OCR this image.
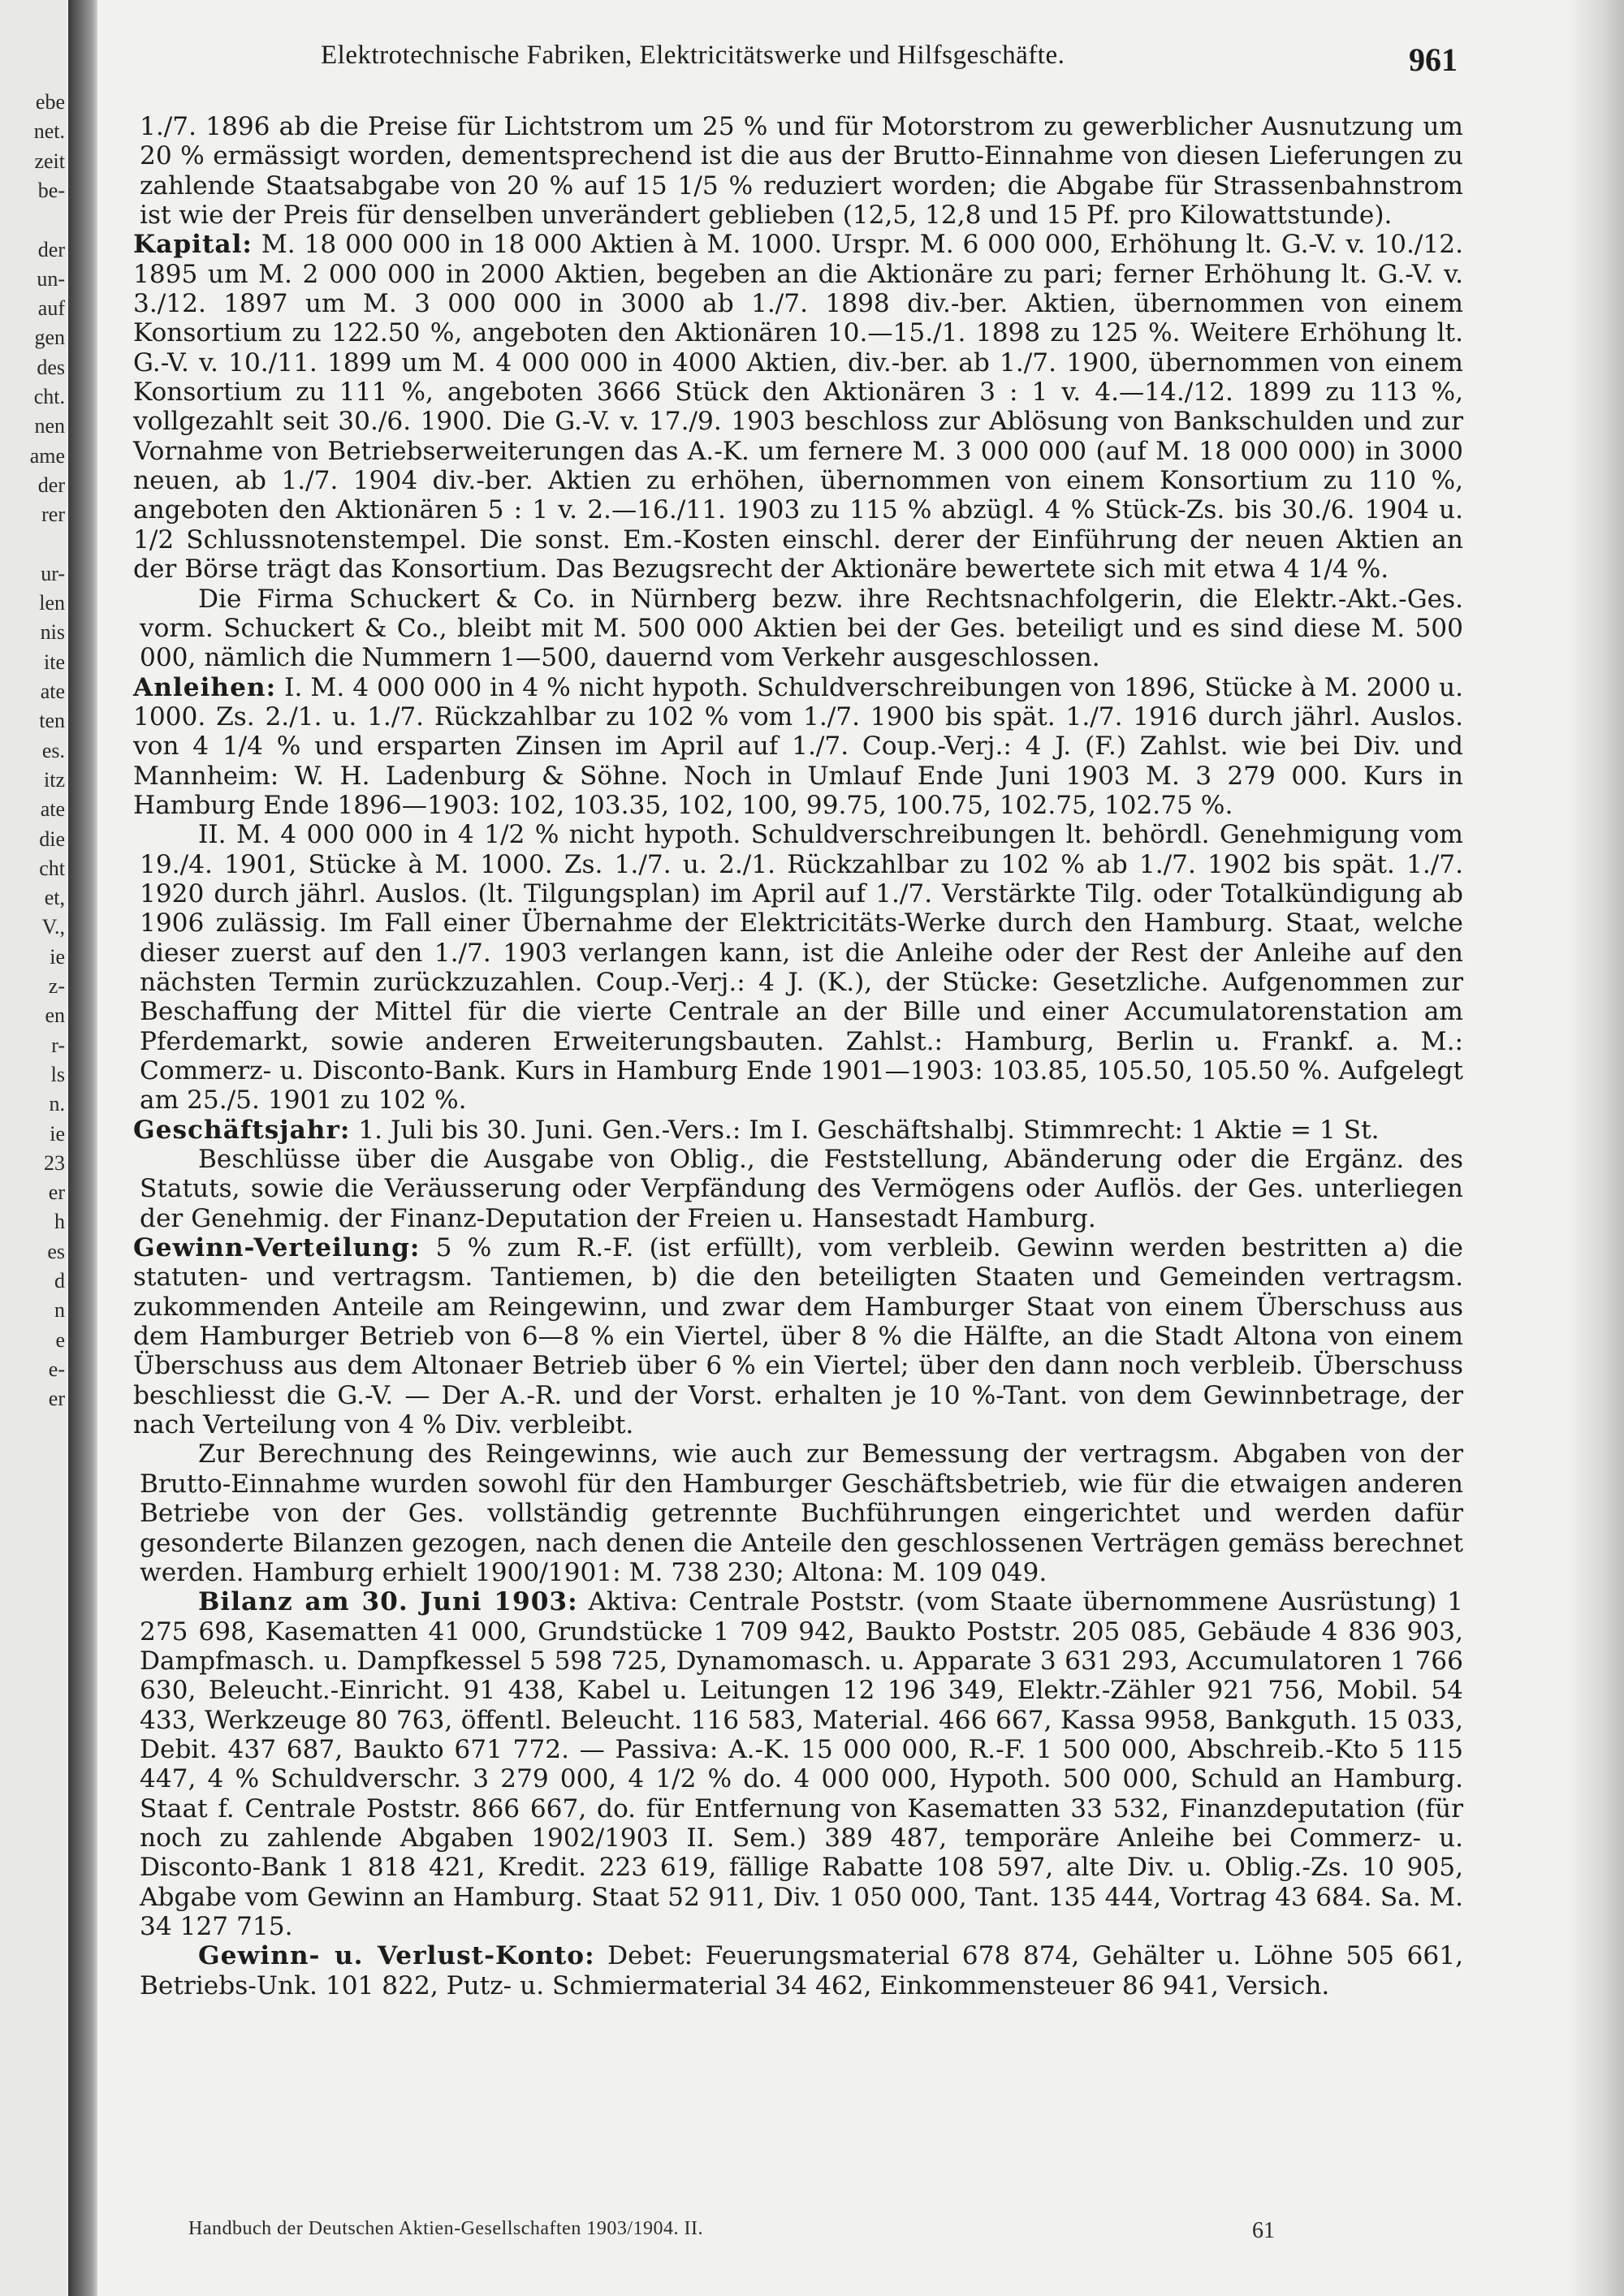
ebe
net.
zeit
be-
der
un-
auf
gen
des
cht.
nen
ame
der
rer
ur-
len
nis
ite
ate
ten
es.
itz
ate
die
cht
et,
V.,
ie
z-
en
r-
ls
n.
ie
23
er
h
es
d
n
e
e-
er
Elektrotechnische Fabriken, Elektricitätswerke und Hilfsgeschäfte.	961

1./7. 1896 ab die Preise für Lichtstrom um 25 % und für Motorstrom zu gewerblicher Ausnutzung um 20 % ermässigt worden, dementsprechend ist die aus der Brutto-Einnahme von diesen Lieferungen zu zahlende Staatsabgabe von 20 % auf 15 1/5 % reduziert worden; die Abgabe für Strassenbahnstrom ist wie der Preis für denselben unverändert geblieben (12,5, 12,8 und 15 Pf. pro Kilowattstunde).

Kapital: M. 18 000 000 in 18 000 Aktien à M. 1000. Urspr. M. 6 000 000, Erhöhung lt. G.-V. v. 10./12. 1895 um M. 2 000 000 in 2000 Aktien, begeben an die Aktionäre zu pari; ferner Erhöhung lt. G.-V. v. 3./12. 1897 um M. 3 000 000 in 3000 ab 1./7. 1898 div.-ber. Aktien, übernommen von einem Konsortium zu 122.50 %, angeboten den Aktionären 10.—15./1. 1898 zu 125 %. Weitere Erhöhung lt. G.-V. v. 10./11. 1899 um M. 4 000 000 in 4000 Aktien, div.-ber. ab 1./7. 1900, übernommen von einem Konsortium zu 111 %, angeboten 3666 Stück den Aktionären 3 : 1 v. 4.—14./12. 1899 zu 113 %, vollgezahlt seit 30./6. 1900. Die G.-V. v. 17./9. 1903 beschloss zur Ablösung von Bankschulden und zur Vornahme von Betriebserweiterungen das A.-K. um fernere M. 3 000 000 (auf M. 18 000 000) in 3000 neuen, ab 1./7. 1904 div.-ber. Aktien zu erhöhen, übernommen von einem Konsortium zu 110 %, angeboten den Aktionären 5 : 1 v. 2.—16./11. 1903 zu 115 % abzügl. 4 % Stück-Zs. bis 30./6. 1904 u. 1/2 Schlussnotenstempel. Die sonst. Em.-Kosten einschl. derer der Einführung der neuen Aktien an der Börse trägt das Konsortium. Das Bezugsrecht der Aktionäre bewertete sich mit etwa 4 1/4 %.

Die Firma Schuckert & Co. in Nürnberg bezw. ihre Rechtsnachfolgerin, die Elektr.-Akt.-Ges. vorm. Schuckert & Co., bleibt mit M. 500 000 Aktien bei der Ges. beteiligt und es sind diese M. 500 000, nämlich die Nummern 1—500, dauernd vom Verkehr ausgeschlossen.

Anleihen: I. M. 4 000 000 in 4 % nicht hypoth. Schuldverschreibungen von 1896, Stücke à M. 2000 u. 1000. Zs. 2./1. u. 1./7. Rückzahlbar zu 102 % vom 1./7. 1900 bis spät. 1./7. 1916 durch jährl. Auslos. von 4 1/4 % und ersparten Zinsen im April auf 1./7. Coup.-Verj.: 4 J. (F.) Zahlst. wie bei Div. und Mannheim: W. H. Ladenburg & Söhne. Noch in Umlauf Ende Juni 1903 M. 3 279 000. Kurs in Hamburg Ende 1896—1903: 102, 103.35, 102, 100, 99.75, 100.75, 102.75, 102.75 %.

II. M. 4 000 000 in 4 1/2 % nicht hypoth. Schuldverschreibungen lt. behördl. Genehmigung vom 19./4. 1901, Stücke à M. 1000. Zs. 1./7. u. 2./1. Rückzahlbar zu 102 % ab 1./7. 1902 bis spät. 1./7. 1920 durch jährl. Auslos. (lt. Tilgungsplan) im April auf 1./7. Verstärkte Tilg. oder Totalkündigung ab 1906 zulässig. Im Fall einer Übernahme der Elektricitäts-Werke durch den Hamburg. Staat, welche dieser zuerst auf den 1./7. 1903 verlangen kann, ist die Anleihe oder der Rest der Anleihe auf den nächsten Termin zurückzuzahlen. Coup.-Verj.: 4 J. (K.), der Stücke: Gesetzliche. Aufgenommen zur Beschaffung der Mittel für die vierte Centrale an der Bille und einer Accumulatorenstation am Pferdemarkt, sowie anderen Erweiterungsbauten. Zahlst.: Hamburg, Berlin u. Frankf. a. M.: Commerz- u. Disconto-Bank. Kurs in Hamburg Ende 1901—1903: 103.85, 105.50, 105.50 %. Aufgelegt am 25./5. 1901 zu 102 %.

Geschäftsjahr: 1. Juli bis 30. Juni. Gen.-Vers.: Im I. Geschäftshalbj. Stimmrecht: 1 Aktie = 1 St.

Beschlüsse über die Ausgabe von Oblig., die Feststellung, Abänderung oder die Ergänz. des Statuts, sowie die Veräusserung oder Verpfändung des Vermögens oder Auflös. der Ges. unterliegen der Genehmig. der Finanz-Deputation der Freien u. Hansestadt Hamburg.

Gewinn-Verteilung: 5 % zum R.-F. (ist erfüllt), vom verbleib. Gewinn werden bestritten a) die statuten- und vertragsm. Tantiemen, b) die den beteiligten Staaten und Gemeinden vertragsm. zukommenden Anteile am Reingewinn, und zwar dem Hamburger Staat von einem Überschuss aus dem Hamburger Betrieb von 6—8 % ein Viertel, über 8 % die Hälfte, an die Stadt Altona von einem Überschuss aus dem Altonaer Betrieb über 6 % ein Viertel; über den dann noch verbleib. Überschuss beschliesst die G.-V. — Der A.-R. und der Vorst. erhalten je 10 %-Tant. von dem Gewinnbetrage, der nach Verteilung von 4 % Div. verbleibt.

Zur Berechnung des Reingewinns, wie auch zur Bemessung der vertragsm. Abgaben von der Brutto-Einnahme wurden sowohl für den Hamburger Geschäftsbetrieb, wie für die etwaigen anderen Betriebe von der Ges. vollständig getrennte Buchführungen eingerichtet und werden dafür gesonderte Bilanzen gezogen, nach denen die Anteile den geschlossenen Verträgen gemäss berechnet werden. Hamburg erhielt 1900/1901: M. 738 230; Altona: M. 109 049.

Bilanz am 30. Juni 1903: Aktiva: Centrale Poststr. (vom Staate übernommene Ausrüstung) 1 275 698, Kasematten 41 000, Grundstücke 1 709 942, Baukto Poststr. 205 085, Gebäude 4 836 903, Dampfmasch. u. Dampfkessel 5 598 725, Dynamomasch. u. Apparate 3 631 293, Accumulatoren 1 766 630, Beleucht.-Einricht. 91 438, Kabel u. Leitungen 12 196 349, Elektr.-Zähler 921 756, Mobil. 54 433, Werkzeuge 80 763, öffentl. Beleucht. 116 583, Material. 466 667, Kassa 9958, Bankguth. 15 033, Debit. 437 687, Baukto 671 772. — Passiva: A.-K. 15 000 000, R.-F. 1 500 000, Abschreib.-Kto 5 115 447, 4 % Schuldverschr. 3 279 000, 4 1/2 % do. 4 000 000, Hypoth. 500 000, Schuld an Hamburg. Staat f. Centrale Poststr. 866 667, do. für Entfernung von Kasematten 33 532, Finanzdeputation (für noch zu zahlende Abgaben 1902/1903 II. Sem.) 389 487, temporäre Anleihe bei Commerz- u. Disconto-Bank 1 818 421, Kredit. 223 619, fällige Rabatte 108 597, alte Div. u. Oblig.-Zs. 10 905, Abgabe vom Gewinn an Hamburg. Staat 52 911, Div. 1 050 000, Tant. 135 444, Vortrag 43 684. Sa. M. 34 127 715.

Gewinn- u. Verlust-Konto: Debet: Feuerungsmaterial 678 874, Gehälter u. Löhne 505 661, Betriebs-Unk. 101 822, Putz- u. Schmiermaterial 34 462, Einkommensteuer 86 941, Versich.

Handbuch der Deutschen Aktien-Gesellschaften 1903/1904. II.	61
